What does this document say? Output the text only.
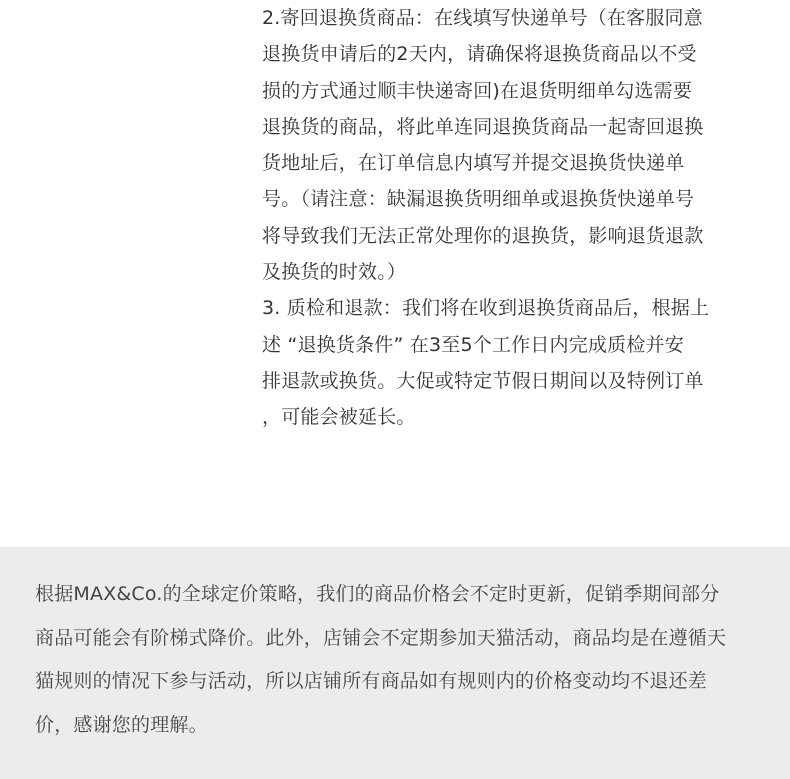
2.寄回退换货商品：在线填写快递单号（在客服同意
退换货申请后的2天内，请确保将退换货商品以不受
损的方式通过顺丰快递寄回)在退货明细单勾选需要
退换货的商品，将此单连同退换货商品一起寄回退换
货地址后，在订单信息内填写并提交退换货快递单
号。（请注意：缺漏退换货明细单或退换货快递单号
将导致我们无法正常处理你的退换货，影响退货退款
及换货的时效。）
3. 质检和退款：我们将在收到退换货商品后，根据上
述 “退换货条件” 在3至5个工作日内完成质检并安
排退款或换货。大促或特定节假日期间以及特例订单
，可能会被延长。
根据MAX&Co.的全球定价策略，我们的商品价格会不定时更新，促销季期间部分
商品可能会有阶梯式降价。此外，店铺会不定期参加天猫活动，商品均是在遵循天
猫规则的情况下参与活动，所以店铺所有商品如有规则内的价格变动均不退还差
价，感谢您的理解。
